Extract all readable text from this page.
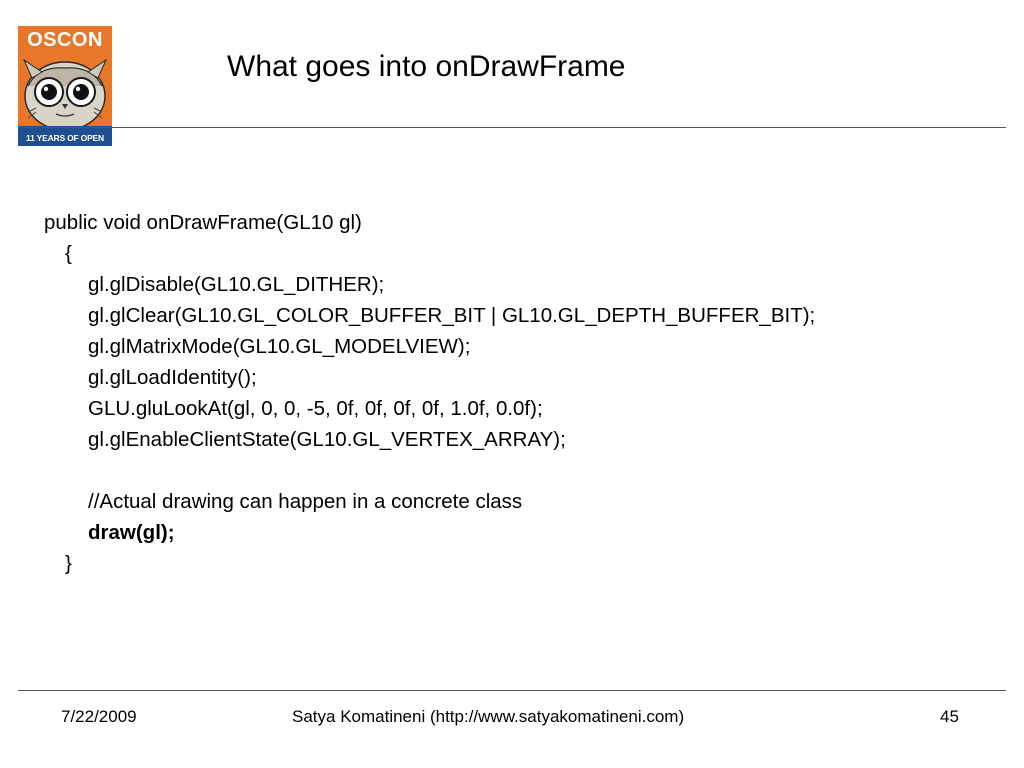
OSCON
11 YEARS OF OPEN
What goes into onDrawFrame
public void onDrawFrame(GL10 gl)
{
gl.glDisable(GL10.GL_DITHER);
gl.glClear(GL10.GL_COLOR_BUFFER_BIT | GL10.GL_DEPTH_BUFFER_BIT);
gl.glMatrixMode(GL10.GL_MODELVIEW);
gl.glLoadIdentity();
GLU.gluLookAt(gl, 0, 0, -5, 0f, 0f, 0f, 0f, 1.0f, 0.0f);
gl.glEnableClientState(GL10.GL_VERTEX_ARRAY);
//Actual drawing can happen in a concrete class
draw(gl);
}
7/22/2009	Satya Komatineni (http://www.satyakomatineni.com)	45
